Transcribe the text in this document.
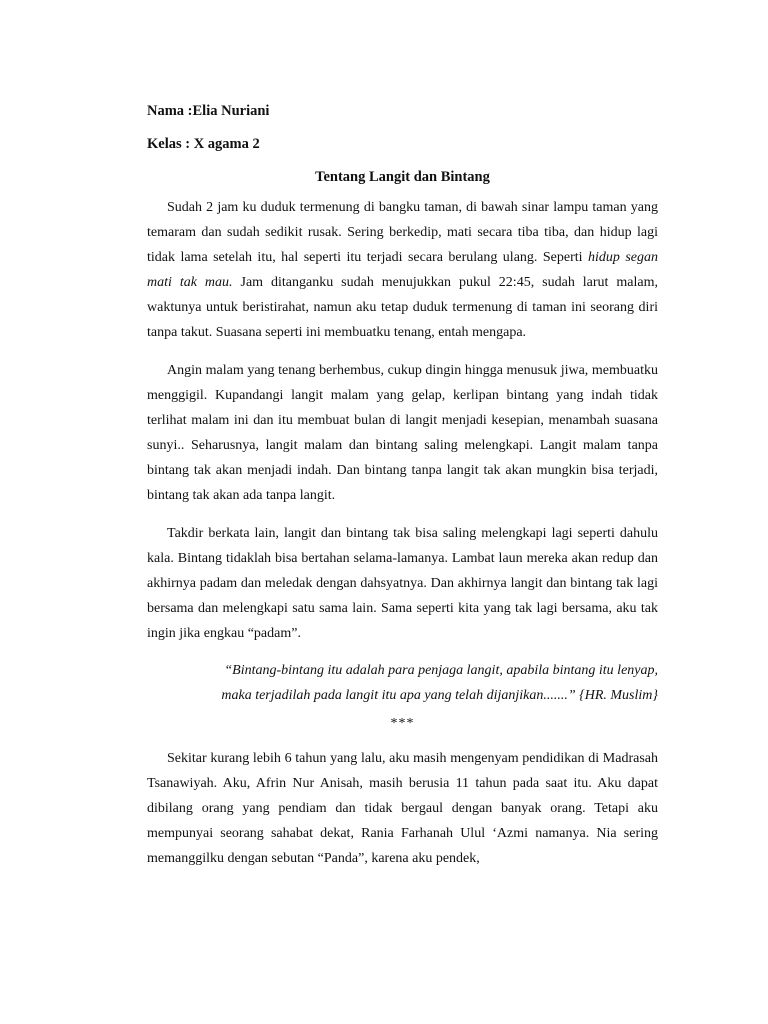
Nama :Elia Nuriani

Kelas : X agama 2

Tentang Langit dan Bintang

Sudah 2 jam ku duduk termenung di bangku taman, di bawah sinar lampu taman yang temaram dan sudah sedikit rusak. Sering berkedip, mati secara tiba tiba, dan hidup lagi tidak lama setelah itu, hal seperti itu terjadi secara berulang ulang. Seperti hidup segan mati tak mau. Jam ditanganku sudah menujukkan pukul 22:45, sudah larut malam, waktunya untuk beristirahat, namun aku tetap duduk termenung di taman ini seorang diri tanpa takut. Suasana seperti ini membuatku tenang, entah mengapa.

Angin malam yang tenang berhembus, cukup dingin hingga menusuk jiwa, membuatku menggigil. Kupandangi langit malam yang gelap, kerlipan bintang yang indah tidak terlihat malam ini dan itu membuat bulan di langit menjadi kesepian, menambah suasana sunyi.. Seharusnya, langit malam dan bintang saling melengkapi. Langit malam tanpa bintang tak akan menjadi indah. Dan bintang tanpa langit tak akan mungkin bisa terjadi, bintang tak akan ada tanpa langit.

Takdir berkata lain, langit dan bintang tak bisa saling melengkapi lagi seperti dahulu kala. Bintang tidaklah bisa bertahan selama-lamanya. Lambat laun mereka akan redup dan akhirnya padam dan meledak dengan dahsyatnya. Dan akhirnya langit dan bintang tak lagi bersama dan melengkapi satu sama lain. Sama seperti kita yang tak lagi bersama, aku tak ingin jika engkau “padam”.

“Bintang-bintang itu adalah para penjaga langit, apabila bintang itu lenyap,
maka terjadilah pada langit itu apa yang telah dijanjikan.......” {HR. Muslim}

***

Sekitar kurang lebih 6 tahun yang lalu, aku masih mengenyam pendidikan di Madrasah Tsanawiyah. Aku, Afrin Nur Anisah, masih berusia 11 tahun pada saat itu. Aku dapat dibilang orang yang pendiam dan tidak bergaul dengan banyak orang. Tetapi aku mempunyai seorang sahabat dekat, Rania Farhanah Ulul ‘Azmi namanya. Nia sering memanggilku dengan sebutan “Panda”, karena aku pendek,
